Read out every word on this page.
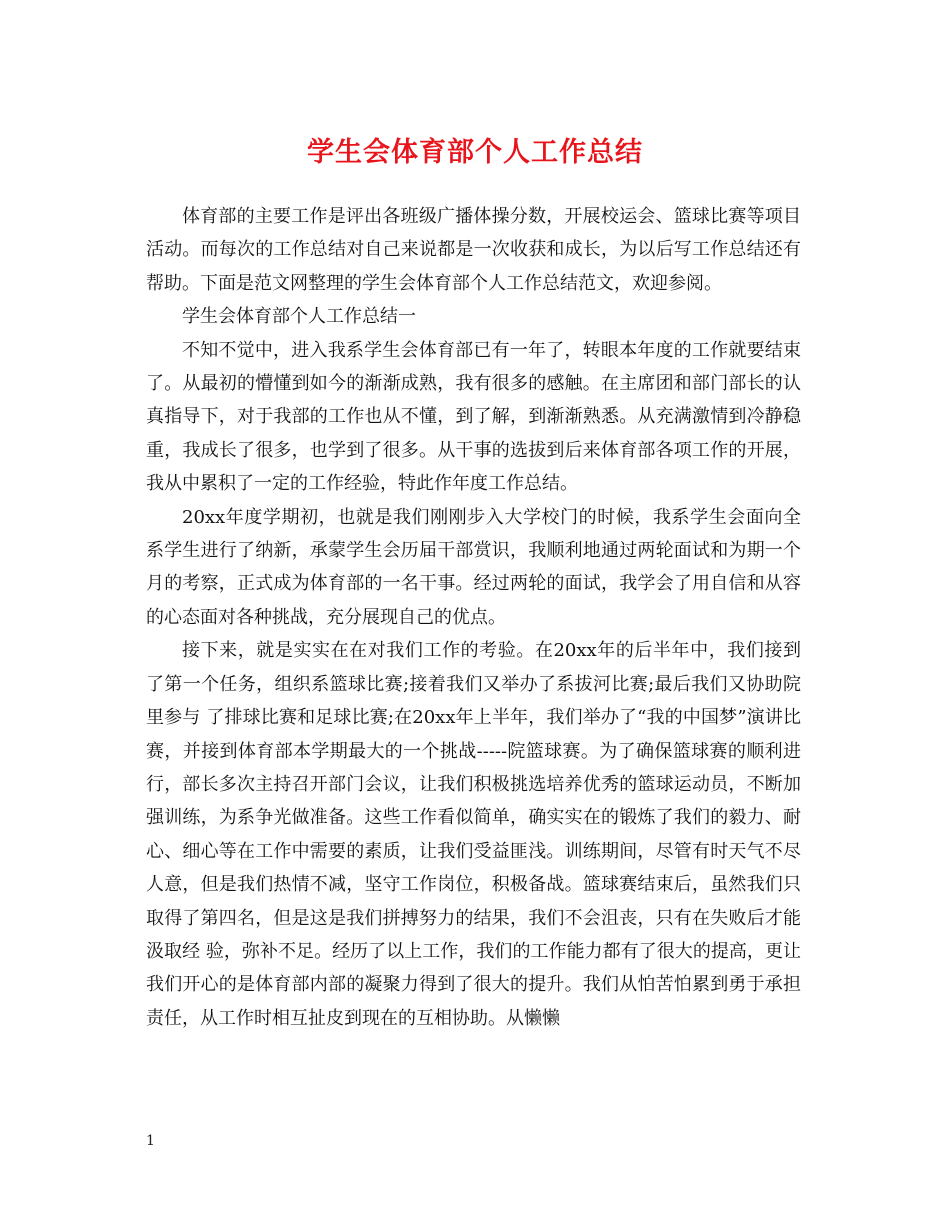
学生会体育部个人工作总结

体育部的主要工作是评出各班级广播体操分数，开展校运会、篮球比赛等项目活动。而每次的工作总结对自己来说都是一次收获和成长，为以后写工作总结还有帮助。下面是范文网整理的学生会体育部个人工作总结范文，欢迎参阅。

学生会体育部个人工作总结一

不知不觉中，进入我系学生会体育部已有一年了，转眼本年度的工作就要结束了。从最初的懵懂到如今的渐渐成熟，我有很多的感触。在主席团和部门部长的认真指导下，对于我部的工作也从不懂，到了解，到渐渐熟悉。从充满激情到冷静稳重，我成长了很多，也学到了很多。从干事的选拔到后来体育部各项工作的开展，我从中累积了一定的工作经验，特此作年度工作总结。

20xx年度学期初，也就是我们刚刚步入大学校门的时候，我系学生会面向全系学生进行了纳新，承蒙学生会历届干部赏识，我顺利地通过两轮面试和为期一个月的考察，正式成为体育部的一名干事。经过两轮的面试，我学会了用自信和从容的心态面对各种挑战，充分展现自己的优点。

接下来，就是实实在在对我们工作的考验。在20xx年的后半年中，我们接到了第一个任务，组织系篮球比赛;接着我们又举办了系拔河比赛;最后我们又协助院里参与 了排球比赛和足球比赛;在20xx年上半年，我们举办了“我的中国梦”演讲比赛，并接到体育部本学期最大的一个挑战-----院篮球赛。为了确保篮球赛的顺利进行，部长多次主持召开部门会议，让我们积极挑选培养优秀的篮球运动员，不断加强训练，为系争光做准备。这些工作看似简单，确实实在的锻炼了我们的毅力、耐心、细心等在工作中需要的素质，让我们受益匪浅。训练期间，尽管有时天气不尽人意，但是我们热情不减，坚守工作岗位，积极备战。篮球赛结束后，虽然我们只取得了第四名，但是这是我们拼搏努力的结果，我们不会沮丧，只有在失败后才能汲取经 验，弥补不足。经历了以上工作，我们的工作能力都有了很大的提高，更让我们开心的是体育部内部的凝聚力得到了很大的提升。我们从怕苦怕累到勇于承担责任，从工作时相互扯皮到现在的互相协助。从懒懒

1
